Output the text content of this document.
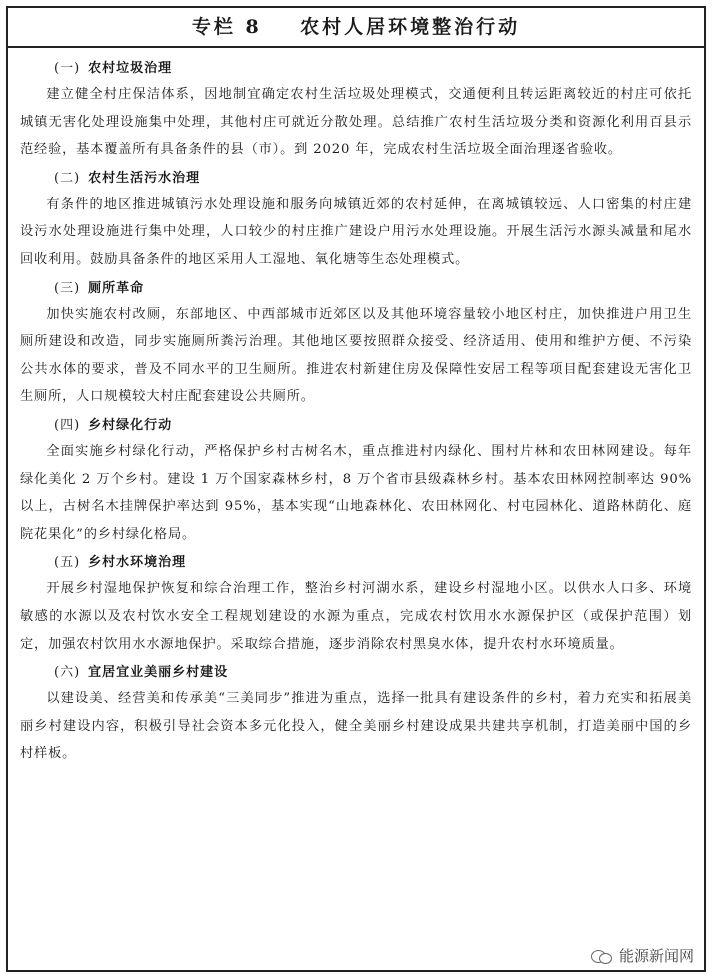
专栏 8    农村人居环境整治行动
(一) 农村垃圾治理

建立健全村庄保洁体系，因地制宜确定农村生活垃圾处理模式，交通便利且转运距离较近的村庄可依托城镇无害化处理设施集中处理，其他村庄可就近分散处理。总结推广农村生活垃圾分类和资源化利用百县示范经验，基本覆盖所有具备条件的县（市）。到 2020 年，完成农村生活垃圾全面治理逐省验收。

(二) 农村生活污水治理

有条件的地区推进城镇污水处理设施和服务向城镇近郊的农村延伸，在离城镇较远、人口密集的村庄建设污水处理设施进行集中处理，人口较少的村庄推广建设户用污水处理设施。开展生活污水源头减量和尾水回收利用。鼓励具备条件的地区采用人工湿地、氧化塘等生态处理模式。

(三) 厕所革命

加快实施农村改厕，东部地区、中西部城市近郊区以及其他环境容量较小地区村庄，加快推进户用卫生厕所建设和改造，同步实施厕所粪污治理。其他地区要按照群众接受、经济适用、使用和维护方便、不污染公共水体的要求，普及不同水平的卫生厕所。推进农村新建住房及保障性安居工程等项目配套建设无害化卫生厕所，人口规模较大村庄配套建设公共厕所。

(四) 乡村绿化行动

全面实施乡村绿化行动，严格保护乡村古树名木，重点推进村内绿化、围村片林和农田林网建设。每年绿化美化 2 万个乡村。建设 1 万个国家森林乡村，8 万个省市县级森林乡村。基本农田林网控制率达 90%以上，古树名木挂牌保护率达到 95%，基本实现“山地森林化、农田林网化、村屯园林化、道路林荫化、庭院花果化”的乡村绿化格局。

(五) 乡村水环境治理

开展乡村湿地保护恢复和综合治理工作，整治乡村河湖水系，建设乡村湿地小区。以供水人口多、环境敏感的水源以及农村饮水安全工程规划建设的水源为重点，完成农村饮用水水源保护区（或保护范围）划定，加强农村饮用水水源地保护。采取综合措施，逐步消除农村黑臭水体，提升农村水环境质量。

(六) 宜居宜业美丽乡村建设

以建设美、经营美和传承美“三美同步”推进为重点，选择一批具有建设条件的乡村，着力充实和拓展美丽乡村建设内容，积极引导社会资本多元化投入，健全美丽乡村建设成果共建共享机制，打造美丽中国的乡村样板。

能源新闻网
